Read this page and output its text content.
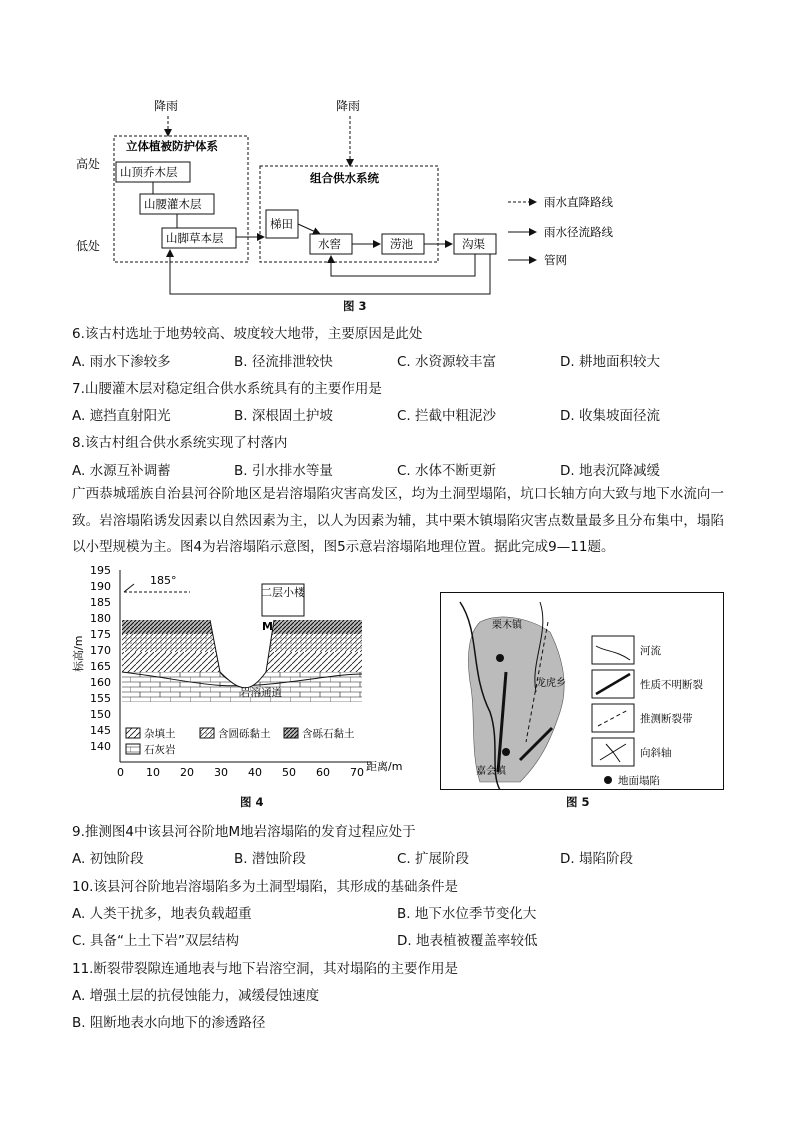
降雨	降雨
高处
低处
立体植被防护体系
山顶乔木层
山腰灌木层
山脚草本层
组合供水系统
梯田
水窖	涝池	沟渠
雨水直降路线
雨水径流路线
管网
图 3
6.该古村选址于地势较高、坡度较大地带，主要原因是此处
A. 雨水下渗较多	B. 径流排泄较快	C. 水资源较丰富	D. 耕地面积较大
7.山腰灌木层对稳定组合供水系统具有的主要作用是
A. 遮挡直射阳光	B. 深根固土护坡	C. 拦截中粗泥沙	D. 收集坡面径流
8.该古村组合供水系统实现了村落内
A. 水源互补调蓄	B. 引水排水等量	C. 水体不断更新	D. 地表沉降减缓
广西恭城瑶族自治县河谷阶地区是岩溶塌陷灾害高发区，均为土洞型塌陷，坑口长轴方向大致与地下水流向一致。岩溶塌陷诱发因素以自然因素为主，以人为因素为辅，其中栗木镇塌陷灾害点数量最多且分布集中，塌陷以小型规模为主。图4为岩溶塌陷示意图，图5示意岩溶塌陷地理位置。据此完成9—11题。
195
190
185
180
175
170
165
160
155
150
145
140
标高/m
185°
岩溶通道
二层小楼
M
0 10 20 30 40 50 60 70 距离/m
杂填土	含圆砾黏土	含砾石黏土
石灰岩
图 4
栗木镇
龙虎乡
嘉会镇
河流
性质不明断裂
推测断裂带
向斜轴
地面塌陷
图 5
9.推测图4中该县河谷阶地M地岩溶塌陷的发育过程应处于
A. 初蚀阶段	B. 潜蚀阶段	C. 扩展阶段	D. 塌陷阶段
10.该县河谷阶地岩溶塌陷多为土洞型塌陷，其形成的基础条件是
A. 人类干扰多，地表负载超重	B. 地下水位季节变化大
C. 具备“上土下岩”双层结构	D. 地表植被覆盖率较低
11.断裂带裂隙连通地表与地下岩溶空洞，其对塌陷的主要作用是
A. 增强土层的抗侵蚀能力，减缓侵蚀速度
B. 阻断地表水向地下的渗透路径
